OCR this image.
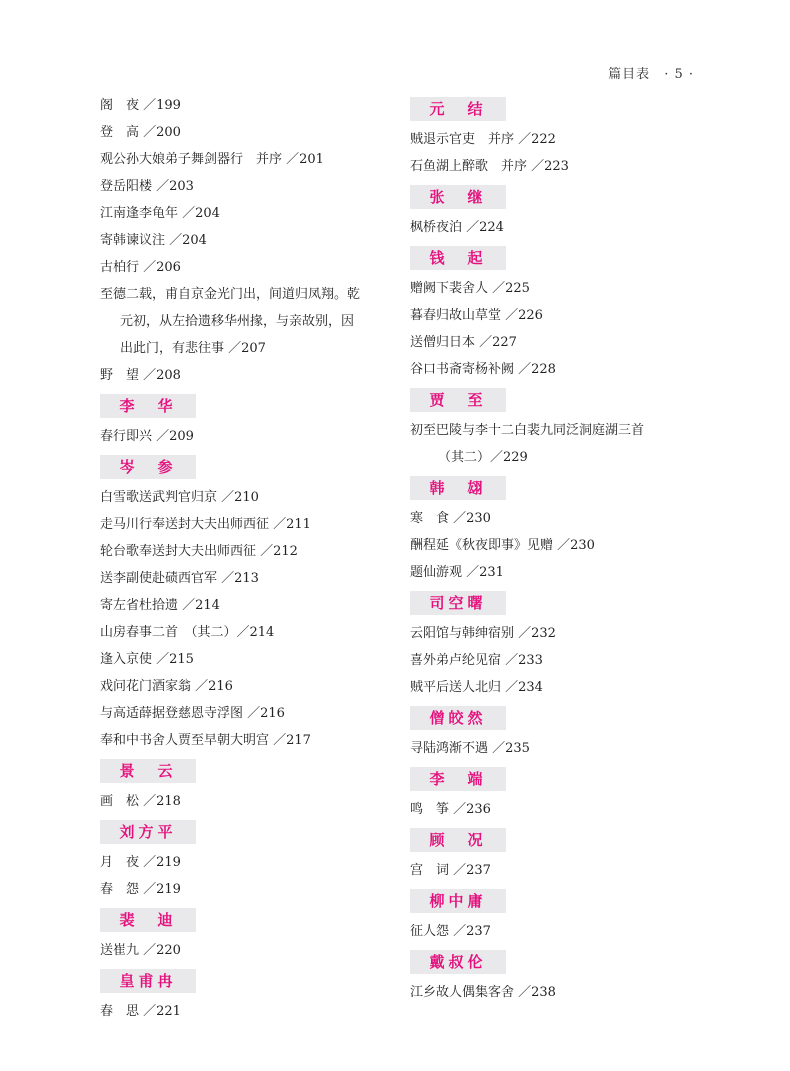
篇目表 · 5 ·
阁　夜 ／199
登　高 ／200
观公孙大娘弟子舞剑器行　并序 ／201
登岳阳楼 ／203
江南逢李龟年 ／204
寄韩谏议注 ／204
古柏行 ／206
至德二载，甫自京金光门出，间道归凤翔。乾
元初，从左拾遗移华州掾，与亲故别，因
出此门，有悲往事 ／207
野　望 ／208
李　华
春行即兴 ／209
岑　参
白雪歌送武判官归京 ／210
走马川行奉送封大夫出师西征 ／211
轮台歌奉送封大夫出师西征 ／212
送李副使赴碛西官军 ／213
寄左省杜拾遗 ／214
山房春事二首　（其二）／214
逢入京使 ／215
戏问花门酒家翁 ／216
与高适薛据登慈恩寺浮图 ／216
奉和中书舍人贾至早朝大明宫 ／217
景　云
画　松 ／218
刘方平
月　夜 ／219
春　怨 ／219
裴　迪
送崔九 ／220
皇甫冉
春　思 ／221
元　结
贼退示官吏　并序 ／222
石鱼湖上醉歌　并序 ／223
张　继
枫桥夜泊 ／224
钱　起
赠阙下裴舍人 ／225
暮春归故山草堂 ／226
送僧归日本 ／227
谷口书斋寄杨补阙 ／228
贾　至
初至巴陵与李十二白裴九同泛洞庭湖三首
（其二）／229
韩　翃
寒　食 ／230
酬程延《秋夜即事》见赠 ／230
题仙游观 ／231
司空曙
云阳馆与韩绅宿别 ／232
喜外弟卢纶见宿 ／233
贼平后送人北归 ／234
僧皎然
寻陆鸿渐不遇 ／235
李　端
鸣　筝 ／236
顾　况
宫　词 ／237
柳中庸
征人怨 ／237
戴叔伦
江乡故人偶集客舍 ／238
